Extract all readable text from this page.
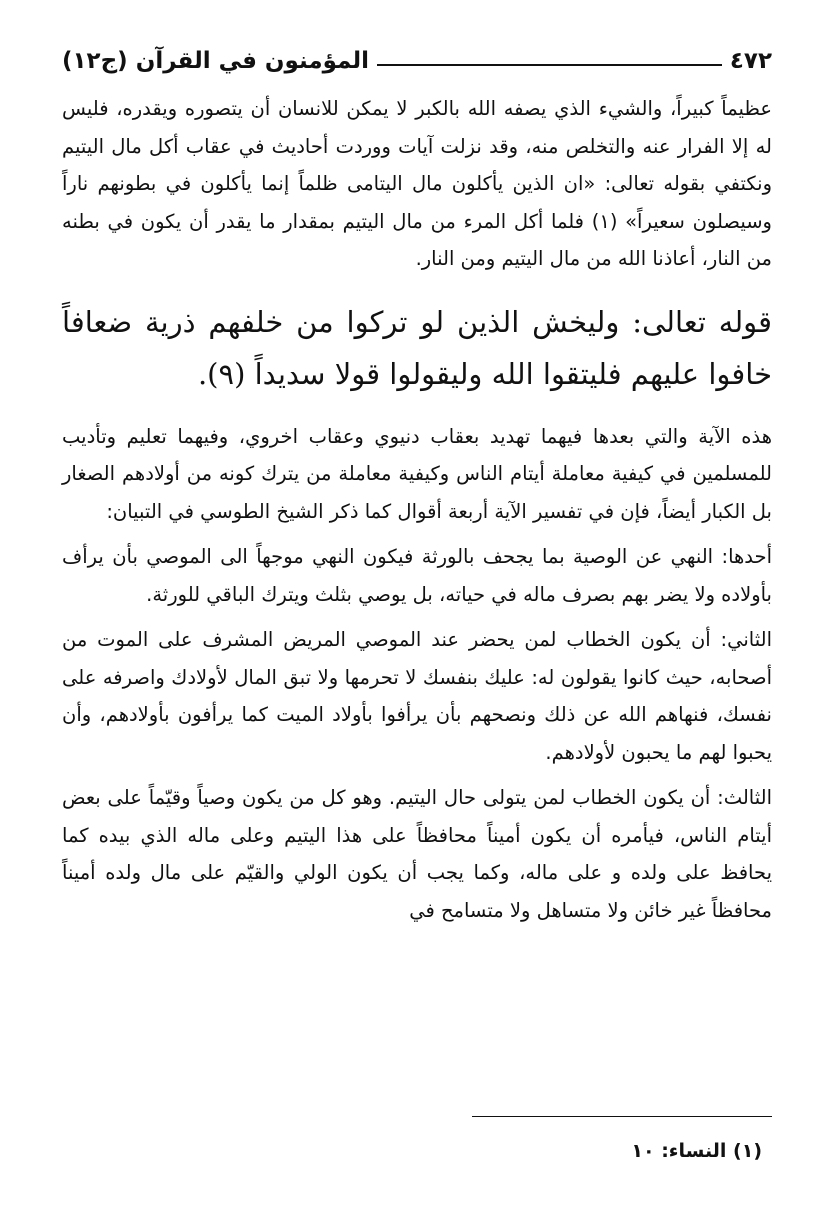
٤٧٢
المؤمنون في القرآن (ج١٢)

عظيماً كبيراً، والشيء الذي يصفه الله بالكبر لا يمكن للانسان أن يتصوره ويقدره، فليس له إلا الفرار عنه والتخلص منه، وقد نزلت آيات ووردت أحاديث في عقاب أكل مال اليتيم ونكتفي بقوله تعالى: «ان الذين يأكلون مال اليتامى ظلماً إنما يأكلون في بطونهم ناراً وسيصلون سعيراً» (١) فلما أكل المرء من مال اليتيم بمقدار ما يقدر أن يكون في بطنه من النار، أعاذنا الله من مال اليتيم ومن النار.

قوله تعالى: وليخش الذين لو تركوا من خلفهم ذرية ضعافاً خافوا عليهم فليتقوا الله وليقولوا قولا سديداً (٩).

هذه الآية والتي بعدها فيهما تهديد بعقاب دنيوي وعقاب اخروي، وفيهما تعليم وتأديب للمسلمين في كيفية معاملة أيتام الناس وكيفية معاملة من يترك كونه من أولادهم الصغار بل الكبار أيضاً، فإن في تفسير الآية أربعة أقوال كما ذكر الشيخ الطوسي في التبيان:

أحدها: النهي عن الوصية بما يجحف بالورثة فيكون النهي موجهاً الى الموصي بأن يرأف بأولاده ولا يضر بهم بصرف ماله في حياته، بل يوصي بثلث ويترك الباقي للورثة.

الثاني: أن يكون الخطاب لمن يحضر عند الموصي المريض المشرف على الموت من أصحابه، حيث كانوا يقولون له: عليك بنفسك لا تحرمها ولا تبق المال لأولادك واصرفه على نفسك، فنهاهم الله عن ذلك ونصحهم بأن يرأفوا بأولاد الميت كما يرأفون بأولادهم، وأن يحبوا لهم ما يحبون لأولادهم.

الثالث: أن يكون الخطاب لمن يتولى حال اليتيم. وهو كل من يكون وصياً وقيّماً على بعض أيتام الناس، فيأمره أن يكون أميناً محافظاً على هذا اليتيم وعلى ماله الذي بيده كما يحافظ على ولده و على ماله، وكما يجب أن يكون الولي والقيّم على مال ولده أميناً محافظاً غير خائن ولا متساهل ولا متسامح في

(١) النساء: ١٠
